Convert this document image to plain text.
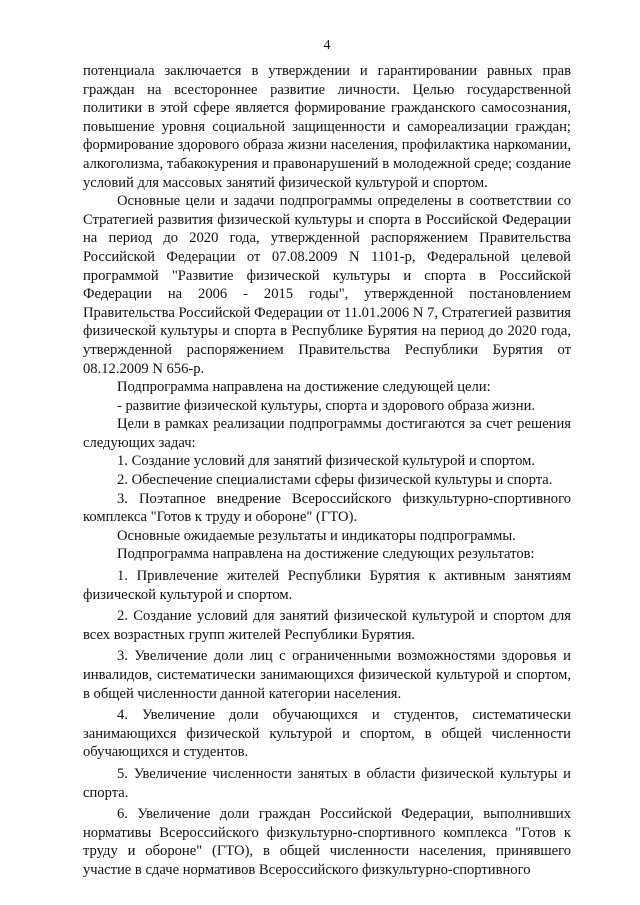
4

потенциала заключается в утверждении и гарантировании равных прав граждан на всестороннее развитие личности. Целью государственной политики в этой сфере является формирование гражданского самосознания, повышение уровня социальной защищенности и самореализации граждан; формирование здорового образа жизни населения, профилактика наркомании, алкоголизма, табакокурения и правонарушений в молодежной среде; создание условий для массовых занятий физической культурой и спортом.

Основные цели и задачи подпрограммы определены в соответствии со Стратегией развития физической культуры и спорта в Российской Федерации на период до 2020 года, утвержденной распоряжением Правительства Российской Федерации от 07.08.2009 N 1101-р, Федеральной целевой программой "Развитие физической культуры и спорта в Российской Федерации на 2006 - 2015 годы", утвержденной постановлением Правительства Российской Федерации от 11.01.2006 N 7, Стратегией развития физической культуры и спорта в Республике Бурятия на период до 2020 года, утвержденной распоряжением Правительства Республики Бурятия от 08.12.2009 N 656-р.

Подпрограмма направлена на достижение следующей цели:

- развитие физической культуры, спорта и здорового образа жизни.

Цели в рамках реализации подпрограммы достигаются за счет решения следующих задач:

1. Создание условий для занятий физической культурой и спортом.

2. Обеспечение специалистами сферы физической культуры и спорта.

3. Поэтапное внедрение Всероссийского физкультурно-спортивного комплекса "Готов к труду и обороне" (ГТО).

Основные ожидаемые результаты и индикаторы подпрограммы.

Подпрограмма направлена на достижение следующих результатов:

1. Привлечение жителей Республики Бурятия к активным занятиям физической культурой и спортом.

2. Создание условий для занятий физической культурой и спортом для всех возрастных групп жителей Республики Бурятия.

3. Увеличение доли лиц с ограниченными возможностями здоровья и инвалидов, систематически занимающихся физической культурой и спортом, в общей численности данной категории населения.

4. Увеличение доли обучающихся и студентов, систематически занимающихся физической культурой и спортом, в общей численности обучающихся и студентов.

5. Увеличение численности занятых в области физической культуры и спорта.

6. Увеличение доли граждан Российской Федерации, выполнивших нормативы Всероссийского физкультурно-спортивного комплекса "Готов к труду и обороне" (ГТО), в общей численности населения, принявшего участие в сдаче нормативов Всероссийского физкультурно-спортивного
